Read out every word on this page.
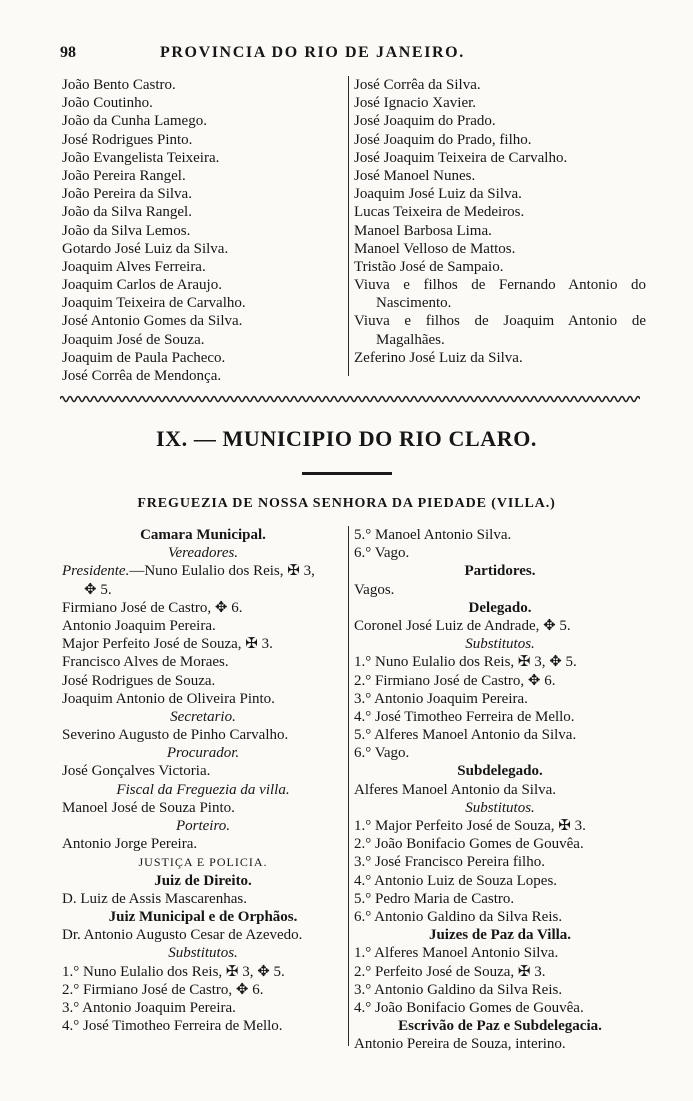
98	PROVINCIA DO RIO DE JANEIRO.
João Bento Castro.
João Coutinho.
João da Cunha Lamego.
José Rodrigues Pinto.
João Evangelista Teixeira.
João Pereira Rangel.
João Pereira da Silva.
João da Silva Rangel.
João da Silva Lemos.
Gotardo José Luiz da Silva.
Joaquim Alves Ferreira.
Joaquim Carlos de Araujo.
Joaquim Teixeira de Carvalho.
José Antonio Gomes da Silva.
Joaquim José de Souza.
Joaquim de Paula Pacheco.
José Corrêa de Mendonça.
José Corrêa da Silva.
José Ignacio Xavier.
José Joaquim do Prado.
José Joaquim do Prado, filho.
José Joaquim Teixeira de Carvalho.
José Manoel Nunes.
Joaquim José Luiz da Silva.
Lucas Teixeira de Medeiros.
Manoel Barbosa Lima.
Manoel Velloso de Mattos.
Tristão José de Sampaio.
Viuva e filhos de Fernando Antonio do
Nascimento.
Viuva e filhos de Joaquim Antonio de
Magalhães.
Zeferino José Luiz da Silva.
IX. — MUNICIPIO DO RIO CLARO.
FREGUEZIA DE NOSSA SENHORA DA PIEDADE (VILLA.)
Camara Municipal.
Vereadores.
Presidente.—Nuno Eulalio dos Reis, ✠ 3,
✥ 5.
Firmiano José de Castro, ✥ 6.
Antonio Joaquim Pereira.
Major Perfeito José de Souza, ✠ 3.
Francisco Alves de Moraes.
José Rodrigues de Souza.
Joaquim Antonio de Oliveira Pinto.
Secretario.
Severino Augusto de Pinho Carvalho.
Procurador.
José Gonçalves Victoria.
Fiscal da Freguezia da villa.
Manoel José de Souza Pinto.
Porteiro.
Antonio Jorge Pereira.
JUSTIÇA E POLICIA.
Juiz de Direito.
D. Luiz de Assis Mascarenhas.
Juiz Municipal e de Orphãos.
Dr. Antonio Augusto Cesar de Azevedo.
Substitutos.
1.° Nuno Eulalio dos Reis, ✠ 3, ✥ 5.
2.° Firmiano José de Castro, ✥ 6.
3.° Antonio Joaquim Pereira.
4.° José Timotheo Ferreira de Mello.
5.° Manoel Antonio Silva.
6.° Vago.
Partidores.
Vagos.
Delegado.
Coronel José Luiz de Andrade, ✥ 5.
Substitutos.
1.° Nuno Eulalio dos Reis, ✠ 3, ✥ 5.
2.° Firmiano José de Castro, ✥ 6.
3.° Antonio Joaquim Pereira.
4.° José Timotheo Ferreira de Mello.
5.° Alferes Manoel Antonio da Silva.
6.° Vago.
Subdelegado.
Alferes Manoel Antonio da Silva.
Substitutos.
1.° Major Perfeito José de Souza, ✠ 3.
2.° João Bonifacio Gomes de Gouvêa.
3.° José Francisco Pereira filho.
4.° Antonio Luiz de Souza Lopes.
5.° Pedro Maria de Castro.
6.° Antonio Galdino da Silva Reis.
Juizes de Paz da Villa.
1.° Alferes Manoel Antonio Silva.
2.° Perfeito José de Souza, ✠ 3.
3.° Antonio Galdino da Silva Reis.
4.° João Bonifacio Gomes de Gouvêa.
Escrivão de Paz e Subdelegacia.
Antonio Pereira de Souza, interino.
